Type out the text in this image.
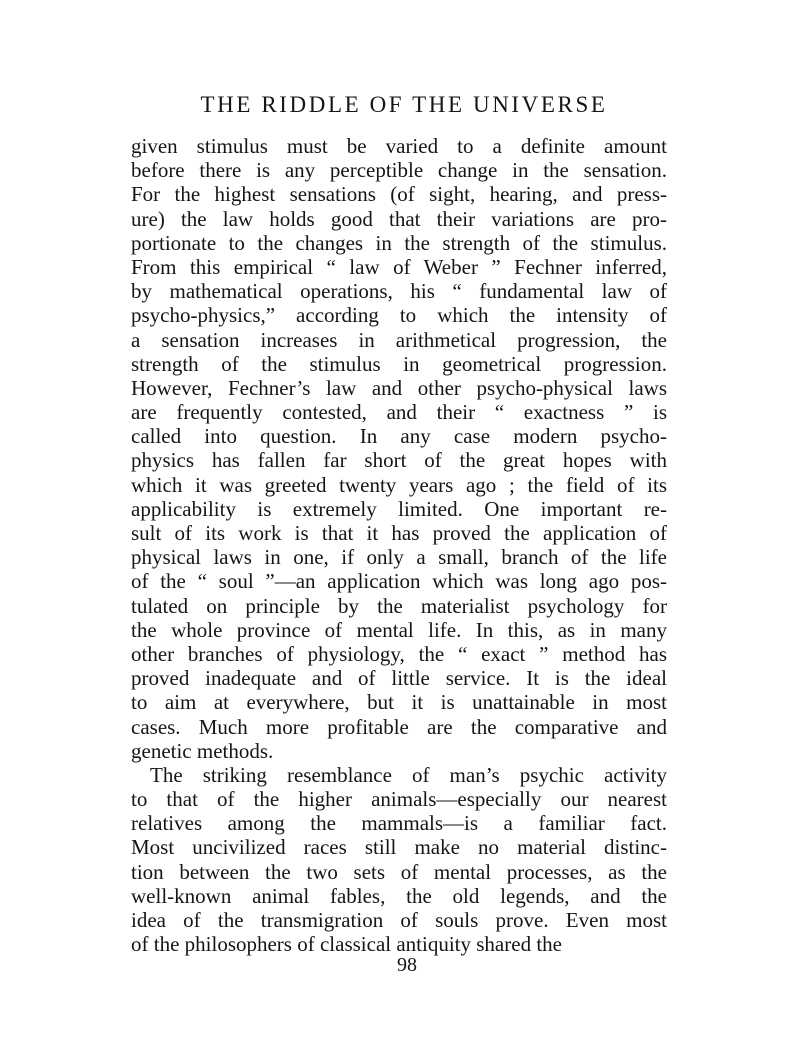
THE RIDDLE OF THE UNIVERSE
given stimulus must be varied to a definite amount
before there is any perceptible change in the sensation.
For the highest sensations (of sight, hearing, and press-
ure) the law holds good that their variations are pro-
portionate to the changes in the strength of the stimulus.
From this empirical “ law of Weber ” Fechner inferred,
by mathematical operations, his “ fundamental law of
psycho-physics,” according to which the intensity of
a sensation increases in arithmetical progression, the
strength of the stimulus in geometrical progression.
However, Fechner’s law and other psycho-physical laws
are frequently contested, and their “ exactness ” is
called into question. In any case modern psycho-
physics has fallen far short of the great hopes with
which it was greeted twenty years ago ; the field of its
applicability is extremely limited. One important re-
sult of its work is that it has proved the application of
physical laws in one, if only a small, branch of the life
of the “ soul ”—an application which was long ago pos-
tulated on principle by the materialist psychology for
the whole province of mental life. In this, as in many
other branches of physiology, the “ exact ” method has
proved inadequate and of little service. It is the ideal
to aim at everywhere, but it is unattainable in most
cases. Much more profitable are the comparative and
genetic methods.
The striking resemblance of man’s psychic activity
to that of the higher animals—especially our nearest
relatives among the mammals—is a familiar fact.
Most uncivilized races still make no material distinc-
tion between the two sets of mental processes, as the
well-known animal fables, the old legends, and the
idea of the transmigration of souls prove. Even most
of the philosophers of classical antiquity shared the
98
